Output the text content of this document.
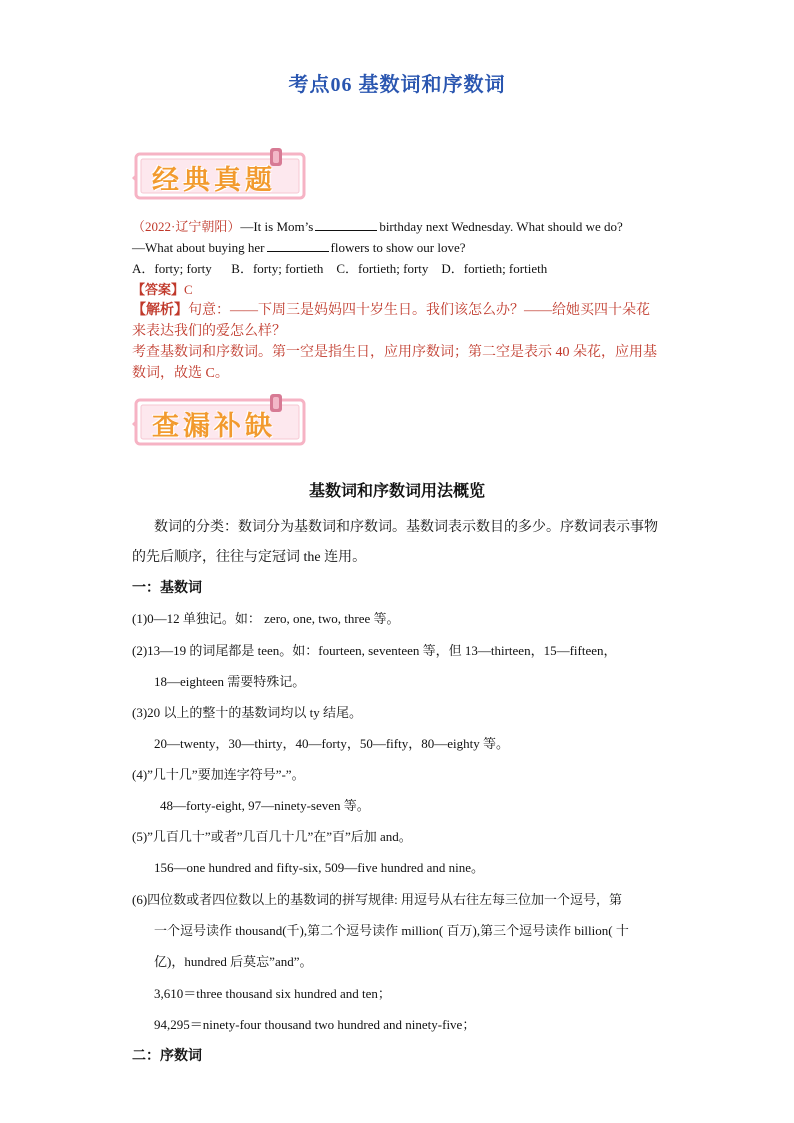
考点06 基数词和序数词
经典真题
（2022·辽宁朝阳）—It is Mom’s	birthday next Wednesday. What should we do?
—What about buying her	flowers to show our love?
A．forty; forty      B．forty; fortieth    C．fortieth; forty    D．fortieth; fortieth
【答案】C
【解析】句意：——下周三是妈妈四十岁生日。我们该怎么办？——给她买四十朵花
来表达我们的爱怎么样？
考查基数词和序数词。第一空是指生日，应用序数词；第二空是表示 40 朵花，应用基
数词，故选 C。
查漏补缺
基数词和序数词用法概览
数词的分类：数词分为基数词和序数词。基数词表示数目的多少。序数词表示事物
的先后顺序，往往与定冠词 the 连用。
一：基数词
(1)0—12 单独记。如： zero, one, two, three 等。
(2)13—19 的词尾都是 teen。如：fourteen, seventeen 等，但 13—thirteen，15—fifteen，
18—eighteen 需要特殊记。
(3)20 以上的整十的基数词均以 ty 结尾。
20—twenty，30—thirty，40—forty，50—fifty，80—eighty 等。
(4)”几十几”要加连字符号”-”。
48—forty-eight, 97—ninety-seven 等。
(5)”几百几十”或者”几百几十几”在”百”后加 and。
156—one hundred and fifty-six, 509—five hundred and nine。
(6)四位数或者四位数以上的基数词的拼写规律: 用逗号从右往左每三位加一个逗号，第
一个逗号读作 thousand(千),第二个逗号读作 million( 百万),第三个逗号读作 billion( 十
亿)，hundred 后莫忘”and”。
3,610＝three thousand six hundred and ten；
94,295＝ninety-four thousand two hundred and ninety-five；
二：序数词
